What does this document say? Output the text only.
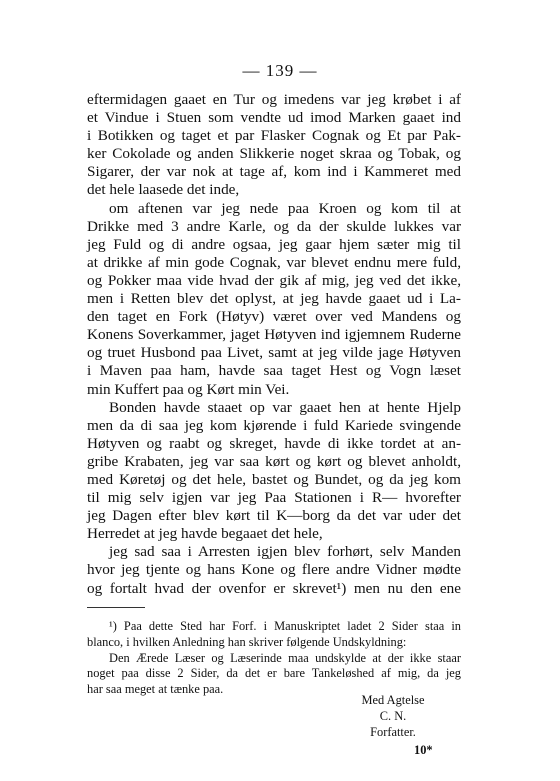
— 139 —
eftermidagen gaaet en Tur og imedens var jeg krøbet i af
et Vindue i Stuen som vendte ud imod Marken gaaet ind
i Botikken og taget et par Flasker Cognak og Et par Pak-
ker Cokolade og anden Slikkerie noget skraa og Tobak, og
Sigarer, der var nok at tage af, kom ind i Kammeret med
det hele laasede det inde,
om aftenen var jeg nede paa Kroen og kom til at
Drikke med 3 andre Karle, og da der skulde lukkes var
jeg Fuld og di andre ogsaa, jeg gaar hjem sæter mig til
at drikke af min gode Cognak, var blevet endnu mere fuld,
og Pokker maa vide hvad der gik af mig, jeg ved det ikke,
men i Retten blev det oplyst, at jeg havde gaaet ud i La-
den taget en Fork (Høtyv) været over ved Mandens og
Konens Soverkammer, jaget Høtyven ind igjemnem Ruderne
og truet Husbond paa Livet, samt at jeg vilde jage Høtyven
i Maven paa ham, havde saa taget Hest og Vogn læset
min Kuffert paa og Kørt min Vei.
Bonden havde staaet op var gaaet hen at hente Hjelp
men da di saa jeg kom kjørende i fuld Kariede svingende
Høtyven og raabt og skreget, havde di ikke tordet at an-
gribe Krabaten, jeg var saa kørt og kørt og blevet anholdt,
med Køretøj og det hele, bastet og Bundet, og da jeg kom
til mig selv igjen var jeg Paa Stationen i R— hvorefter
jeg Dagen efter blev kørt til K—borg da det var uder det
Herredet at jeg havde begaaet det hele,
jeg sad saa i Arresten igjen blev forhørt, selv Manden
hvor jeg tjente og hans Kone og flere andre Vidner mødte
og fortalt hvad der ovenfor er skrevet¹) men nu den ene
¹) Paa dette Sted har Forf. i Manuskriptet ladet 2 Sider staa in
blanco, i hvilken Anledning han skriver følgende Undskyldning:
Den Ærede Læser og Læserinde maa undskylde at der ikke staar
noget paa disse 2 Sider, da det er bare Tankeløshed af mig, da jeg
har saa meget at tænke paa.
Med Agtelse
C. N.
Forfatter.
10*
